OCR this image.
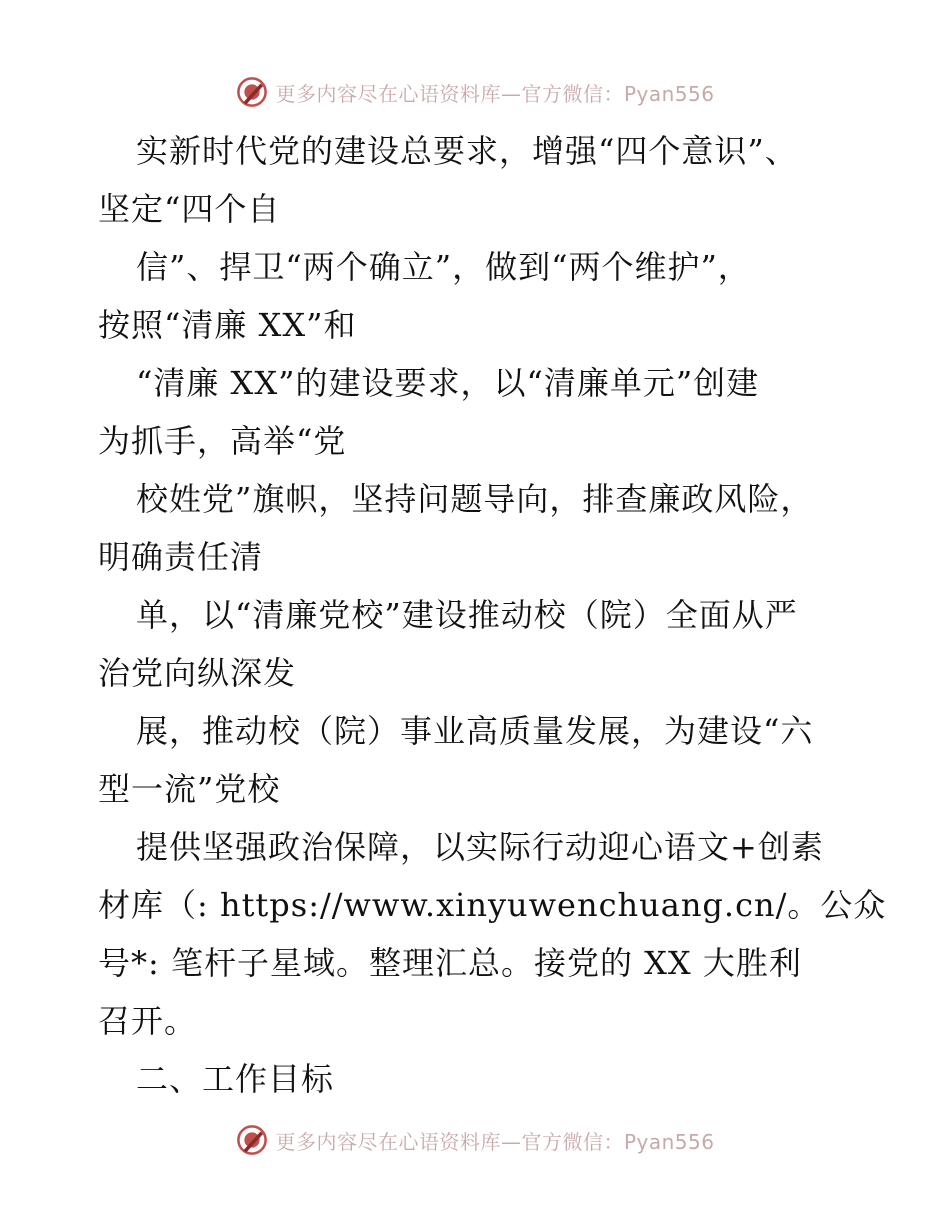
更多内容尽在心语资料库—官方微信：Pyan556
实新时代党的建设总要求，增强“四个意识”、
坚定“四个自
信”、捍卫“两个确立”，做到“两个维护”，
按照“清廉 XX”和
“清廉 XX”的建设要求，以“清廉单元”创建
为抓手，高举“党
校姓党”旗帜，坚持问题导向，排查廉政风险，
明确责任清
单，以“清廉党校”建设推动校（院）全面从严
治党向纵深发
展，推动校（院）事业高质量发展，为建设“六
型一流”党校
提供坚强政治保障，以实际行动迎心语文+创素
材库（: https://www.xinyuwenchuang.cn/。公众
号*: 笔杆子星域。整理汇总。接党的 XX 大胜利
召开。
二、工作目标
更多内容尽在心语资料库—官方微信：Pyan556
